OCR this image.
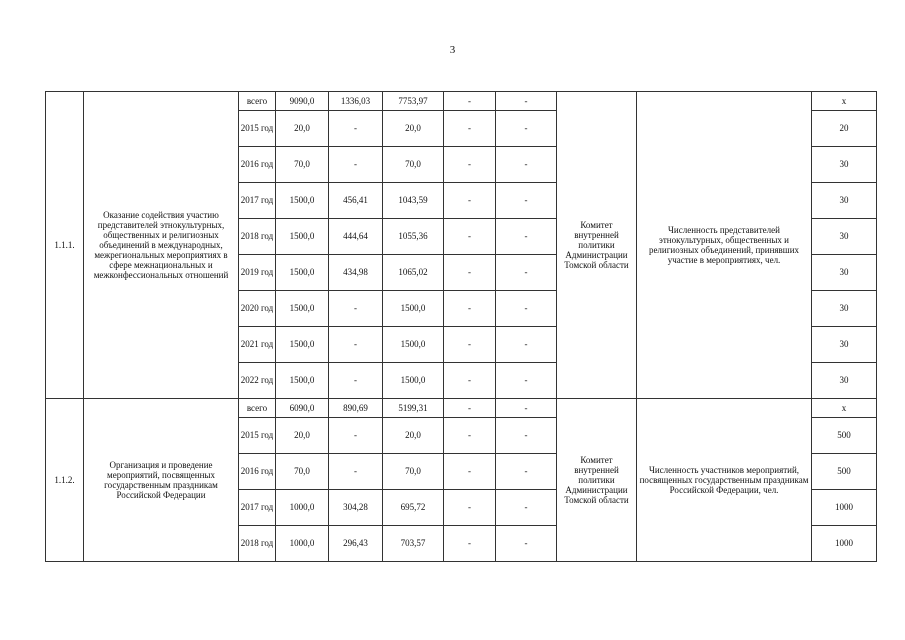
3
1.1.1.	Оказание содействия участию представителей этнокультурных, общественных и религиозных объединений в международных, межрегиональных мероприятиях в сфере межнациональных и межконфессиональных отношений	всего	9090,0	1336,03	7753,97	-	-	Комитет внутренней политики Администрации Томской области	Численность представителей этнокультурных, общественных и религиозных объединений, принявших участие в мероприятиях, чел.	x
		2015 год	20,0	-	20,0	-	-			20
		2016 год	70,0	-	70,0	-	-			30
		2017 год	1500,0	456,41	1043,59	-	-			30
		2018 год	1500,0	444,64	1055,36	-	-			30
		2019 год	1500,0	434,98	1065,02	-	-			30
		2020 год	1500,0	-	1500,0	-	-			30
		2021 год	1500,0	-	1500,0	-	-			30
		2022 год	1500,0	-	1500,0	-	-			30
1.1.2.	Организация и проведение мероприятий, посвященных государственным праздникам Российской Федерации	всего	6090,0	890,69	5199,31	-	-	Комитет внутренней политики Администрации Томской области	Численность участников мероприятий, посвященных государственным праздникам Российской Федерации, чел.	x
		2015 год	20,0	-	20,0	-	-			500
		2016 год	70,0	-	70,0	-	-			500
		2017 год	1000,0	304,28	695,72	-	-			1000
		2018 год	1000,0	296,43	703,57	-	-			1000
